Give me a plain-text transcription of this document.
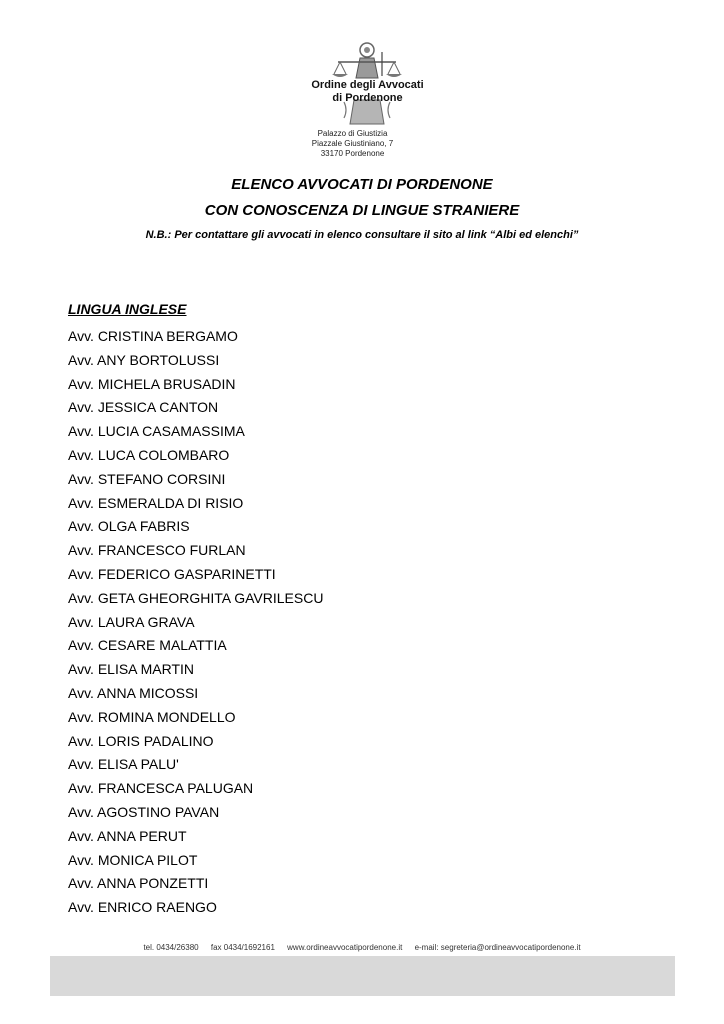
Ordine degli Avvocati
di Pordenone
Palazzo di Giustizia
Piazzale Giustiniano, 7
33170 Pordenone
ELENCO AVVOCATI DI PORDENONE
CON CONOSCENZA DI LINGUE STRANIERE
N.B.: Per contattare gli avvocati in elenco consultare il sito al link “Albi ed elenchi”
LINGUA INGLESE
Avv. CRISTINA BERGAMO
Avv. ANY BORTOLUSSI
Avv. MICHELA BRUSADIN
Avv. JESSICA CANTON
Avv. LUCIA CASAMASSIMA
Avv. LUCA COLOMBARO
Avv. STEFANO CORSINI
Avv. ESMERALDA DI RISIO
Avv. OLGA FABRIS
Avv. FRANCESCO FURLAN
Avv. FEDERICO GASPARINETTI
Avv. GETA GHEORGHITA GAVRILESCU
Avv. LAURA GRAVA
Avv. CESARE MALATTIA
Avv. ELISA MARTIN
Avv. ANNA MICOSSI
Avv. ROMINA MONDELLO
Avv. LORIS PADALINO
Avv. ELISA PALU'
Avv. FRANCESCA PALUGAN
Avv. AGOSTINO PAVAN
Avv. ANNA PERUT
Avv. MONICA PILOT
Avv. ANNA PONZETTI
Avv. ENRICO RAENGO
tel. 0434/26380 fax 0434/1692161 www.ordineavvocatipordenone.it e-mail: segreteria@ordineavvocatipordenone.it
